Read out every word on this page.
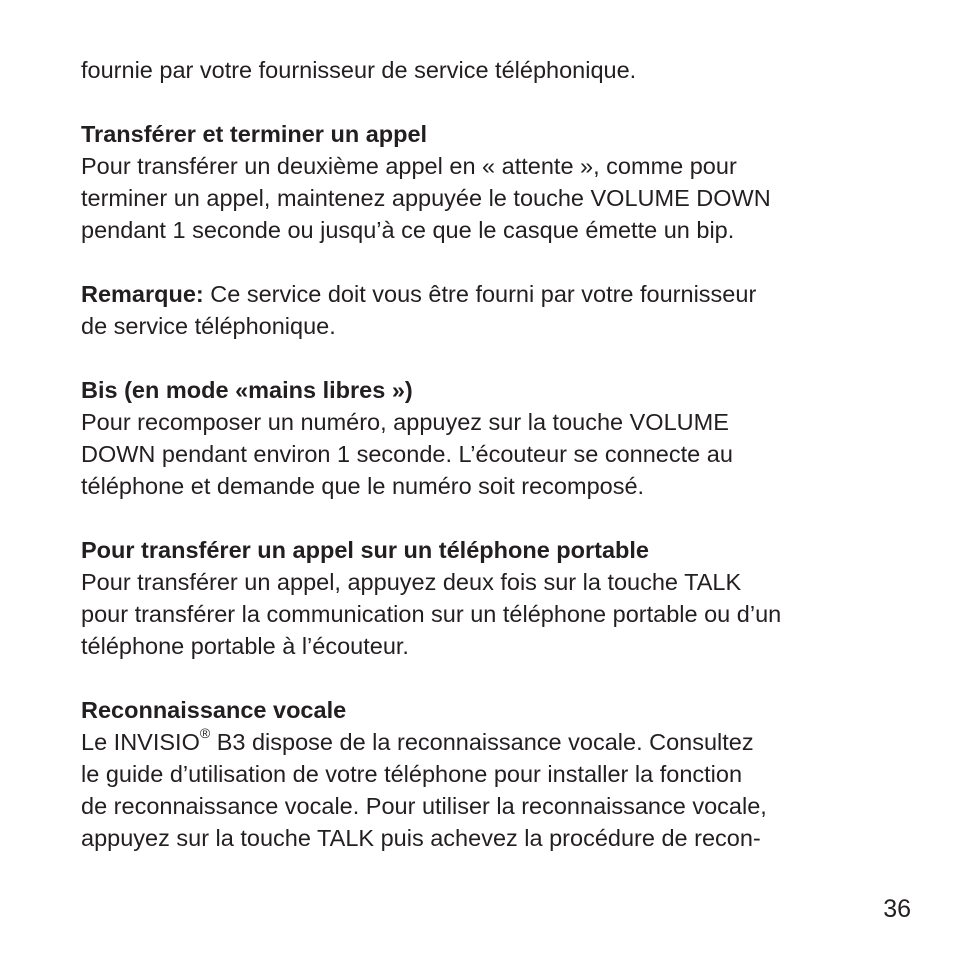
fournie par votre fournisseur de service téléphonique.
Transférer et terminer un appel
Pour transférer un deuxième appel en « attente », comme pour
terminer un appel, maintenez appuyée le touche VOLUME DOWN
pendant 1 seconde ou jusqu’à ce que le casque émette un bip.
Remarque: Ce service doit vous être fourni par votre fournisseur
de service téléphonique.
Bis (en mode «mains libres »)
Pour recomposer un numéro, appuyez sur la touche VOLUME
DOWN pendant environ 1 seconde. L’écouteur se connecte au
téléphone et demande que le numéro soit recomposé.
Pour transférer un appel sur un téléphone portable
Pour transférer un appel, appuyez deux fois sur la touche TALK
pour transférer la communication sur un téléphone portable ou d’un
téléphone portable à l’écouteur.
Reconnaissance vocale
Le INVISIO® B3 dispose de la reconnaissance vocale. Consultez
le guide d’utilisation de votre téléphone pour installer la fonction
de reconnaissance vocale. Pour utiliser la reconnaissance vocale,
appuyez sur la touche TALK puis achevez la procédure de recon-
36
